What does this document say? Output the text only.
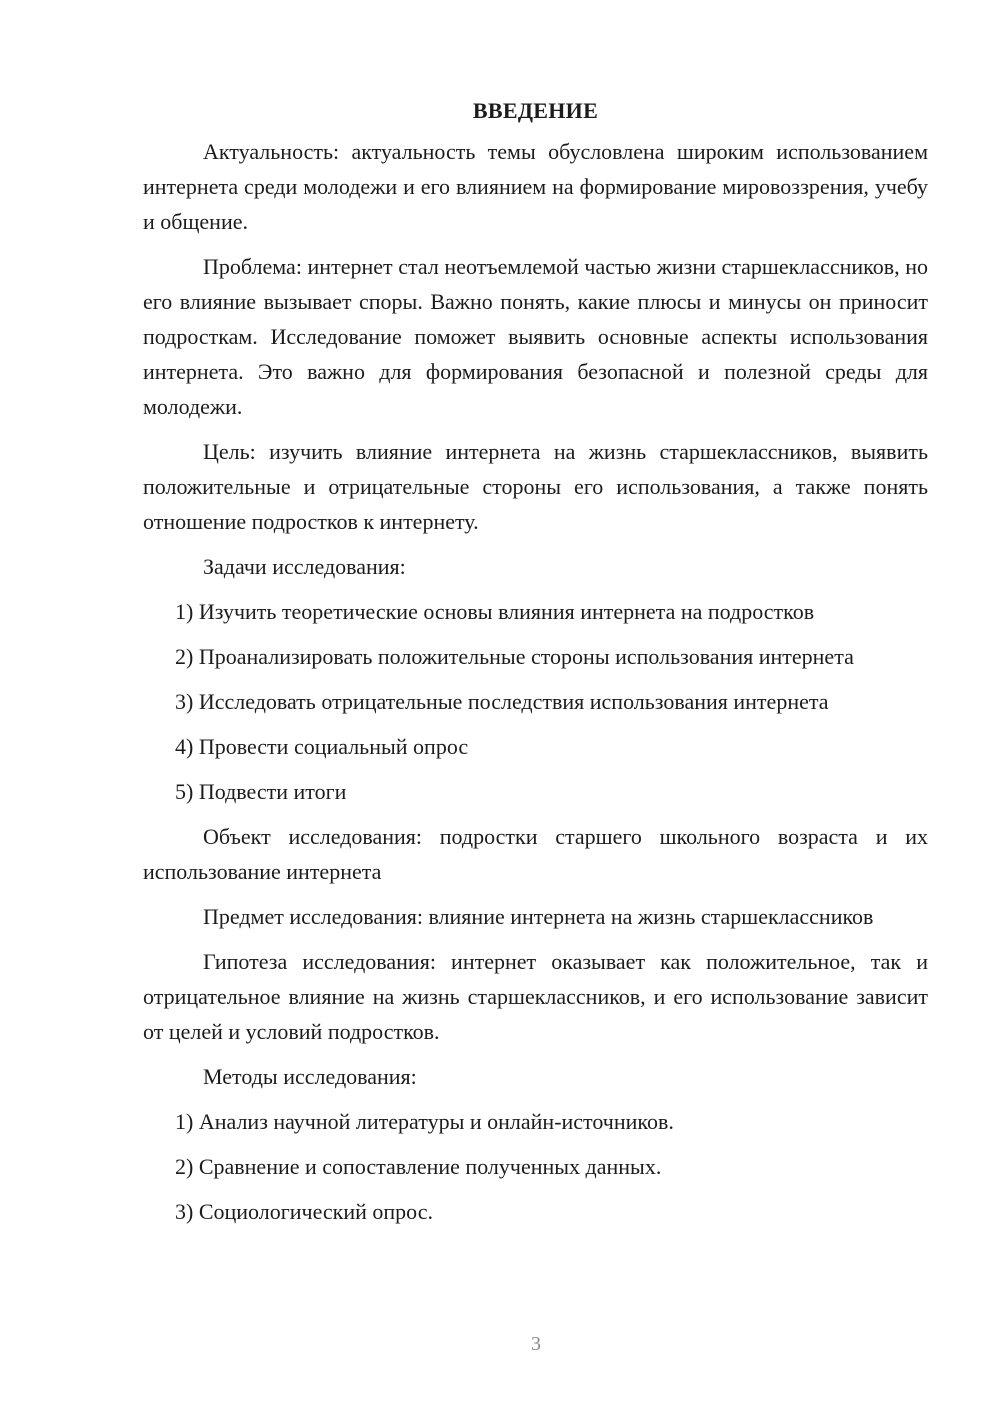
ВВЕДЕНИЕ

Актуальность: актуальность темы обусловлена широким использованием интернета среди молодежи и его влиянием на формирование мировоззрения, учебу и общение.

Проблема: интернет стал неотъемлемой частью жизни старшеклассников, но его влияние вызывает споры. Важно понять, какие плюсы и минусы он приносит подросткам. Исследование поможет выявить основные аспекты использования интернета. Это важно для формирования безопасной и полезной среды для молодежи.

Цель: изучить влияние интернета на жизнь старшеклассников, выявить положительные и отрицательные стороны его использования, а также понять отношение подростков к интернету.

Задачи исследования:

1) Изучить теоретические основы влияния интернета на подростков

2) Проанализировать положительные стороны использования интернета

3) Исследовать отрицательные последствия использования интернета

4) Провести социальный опрос

5) Подвести итоги

Объект исследования: подростки старшего школьного возраста и их использование интернета

Предмет исследования: влияние интернета на жизнь старшеклассников

Гипотеза исследования: интернет оказывает как положительное, так и отрицательное влияние на жизнь старшеклассников, и его использование зависит от целей и условий подростков.

Методы исследования:

1) Анализ научной литературы и онлайн-источников.

2) Сравнение и сопоставление полученных данных.

3) Социологический опрос.

3
